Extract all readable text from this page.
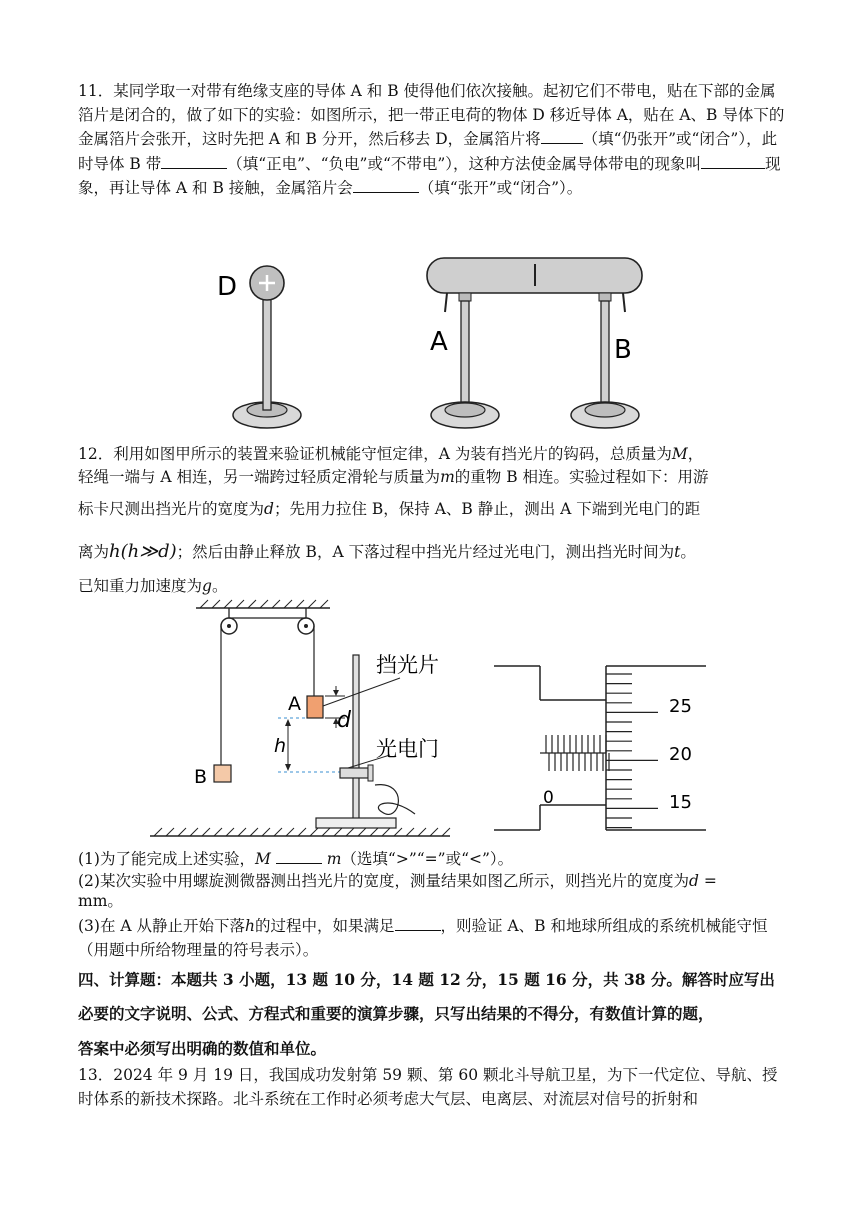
11．某同学取一对带有绝缘支座的导体 A 和 B 使得他们依次接触。起初它们不带电，贴在下部的金属箔片是闭合的，做了如下的实验：如图所示，把一带正电荷的物体 D 移近导体 A，贴在 A、B 导体下的金属箔片会张开，这时先把 A 和 B 分开，然后移去 D，金属箔片将	（填“仍张开”或“闭合”），此时导体 B 带	（填“正电”、“负电”或“不带电”），这种方法使金属导体带电的现象叫	现象，再让导体 A 和 B 接触，金属箔片会	（填“张开”或“闭合”）。
D
A	B
12．利用如图甲所示的装置来验证机械能守恒定律，A 为装有挡光片的钩码，总质量为M，
轻绳一端与 A 相连，另一端跨过轻质定滑轮与质量为m的重物 B 相连。实验过程如下：用游
标卡尺测出挡光片的宽度为d；先用力拉住 B，保持 A、B 静止，测出 A 下端到光电门的距
离为h(h≫d)；然后由静止释放 B，A 下落过程中挡光片经过光电门，测出挡光时间为t。
已知重力加速度为g。
B
A
d
h
挡光片
光电门
0
25
20
15
(1)为了能完成上述实验，M	m（选填“>”“=”或“<”）。
(2)某次实验中用螺旋测微器测出挡光片的宽度，测量结果如图乙所示，则挡光片的宽度为d =
mm。
(3)在 A 从静止开始下落h的过程中，如果满足	，则验证 A、B 和地球所组成的系统机械能守恒（用题中所给物理量的符号表示）。
四、计算题：本题共 3 小题，13 题 10 分，14 题 12 分，15 题 16 分，共 38 分。解答时应写出
必要的文字说明、公式、方程式和重要的演算步骤，只写出结果的不得分，有数值计算的题，
答案中必须写出明确的数值和单位。
13．2024 年 9 月 19 日，我国成功发射第 59 颗、第 60 颗北斗导航卫星，为下一代定位、导航、授时体系的新技术探路。北斗系统在工作时必须考虑大气层、电离层、对流层对信号的折射和
